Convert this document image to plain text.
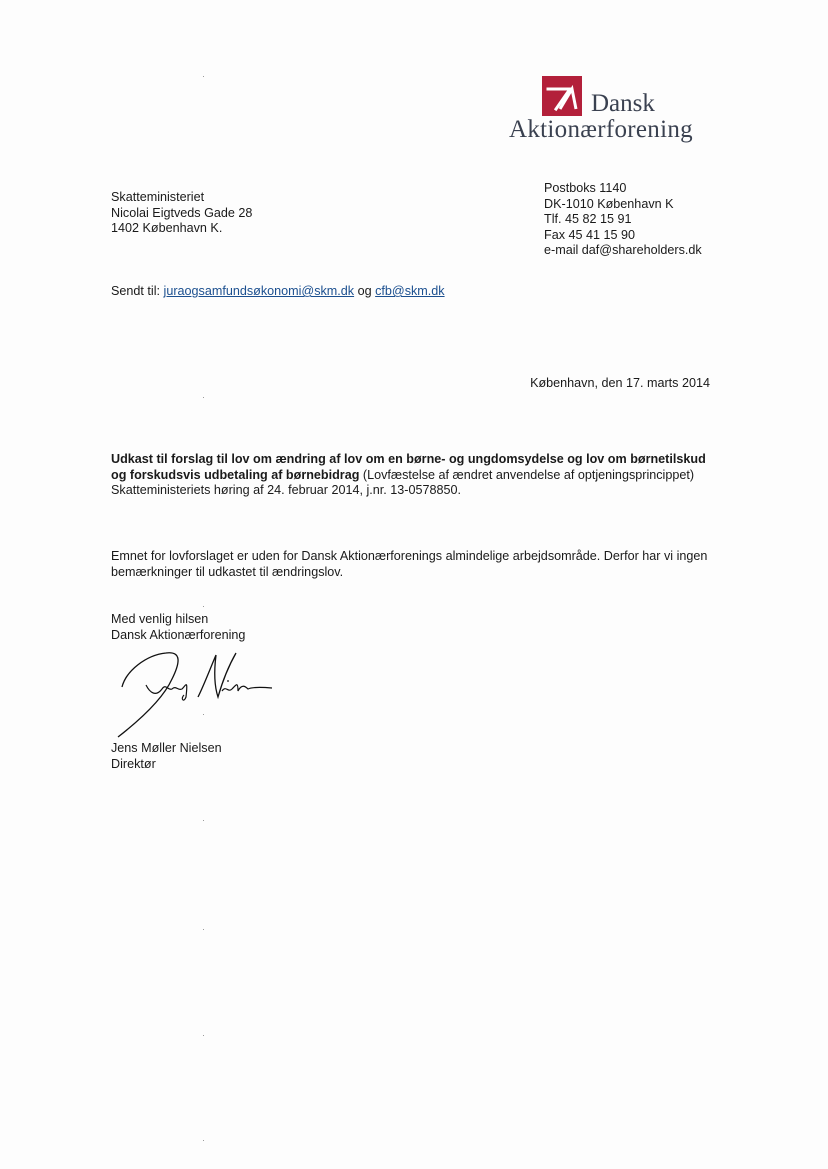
Dansk
Aktionærforening
Skatteministeriet
Nicolai Eigtveds Gade 28
1402 København K.
Postboks 1140
DK-1010 København K
Tlf. 45 82 15 91
Fax 45 41 15 90
e-mail daf@shareholders.dk
Sendt til: juraogsamfundsøkonomi@skm.dk og cfb@skm.dk
København, den 17. marts 2014
Udkast til forslag til lov om ændring af lov om en børne- og ungdomsydelse og lov om børnetilskud og forskudsvis udbetaling af børnebidrag (Lovfæstelse af ændret anvendelse af optjeningsprincippet)
Skatteministeriets høring af 24. februar 2014, j.nr. 13-0578850.
Emnet for lovforslaget er uden for Dansk Aktionærforenings almindelige arbejdsområde. Derfor har vi ingen bemærkninger til udkastet til ændringslov.
Med venlig hilsen
Dansk Aktionærforening
Jens Møller Nielsen
Direktør
